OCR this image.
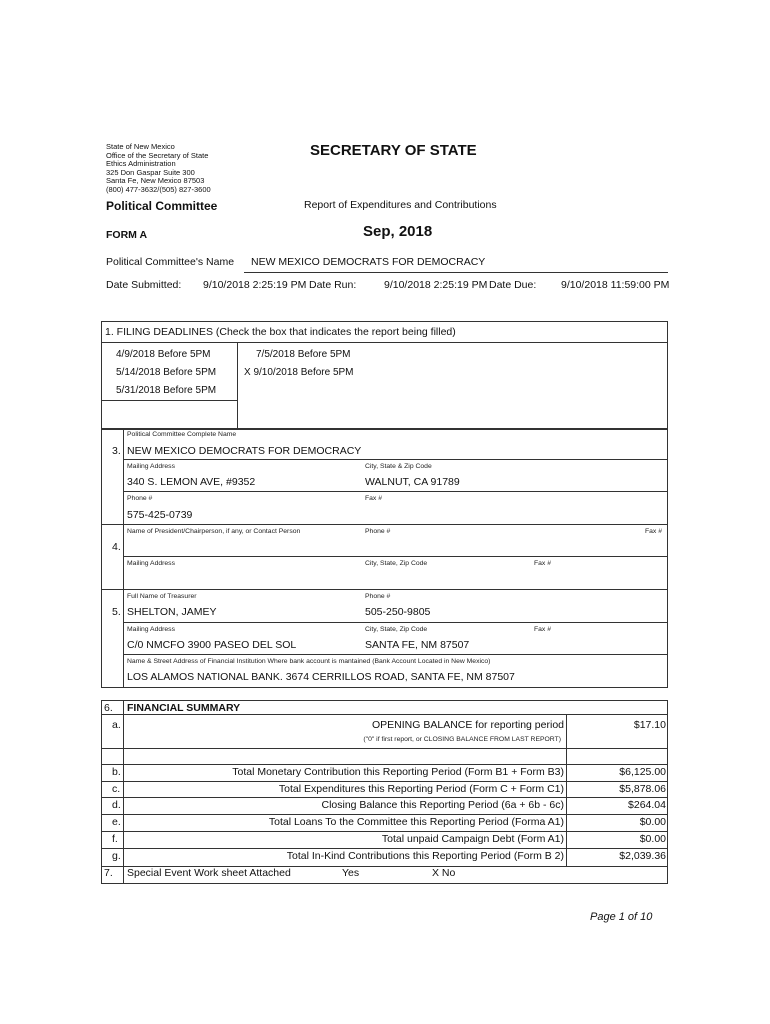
State of New Mexico
Office of the Secretary of State
Ethics Administration
325 Don Gaspar Suite 300
Santa Fe, New Mexico 87503
(800) 477-3632/(505) 827-3600
SECRETARY OF STATE
Political Committee	Report of Expenditures and Contributions
FORM A	Sep, 2018
Political Committee's Name NEW MEXICO DEMOCRATS FOR DEMOCRACY
Date Submitted: 9/10/2018 2:25:19 PM Date Run:	9/10/2018 2:25:19 PM Date Due: 9/10/2018 11:59:00 PM
1. FILING DEADLINES (Check the box that indicates the report being filled)
4/9/2018 Before 5PM
5/14/2018 Before 5PM
5/31/2018 Before 5PM
7/5/2018 Before 5PM
X 9/10/2018 Before 5PM
Political Committee Complete Name
3. NEW MEXICO DEMOCRATS FOR DEMOCRACY
Mailing Address	City, State & Zip Code
340 S. LEMON AVE, #9352	WALNUT, CA 91789
Phone #	Fax #
575-425-0739
Name of President/Chairperson, if any, or Contact Person	Phone #	Fax #
4.
Mailing Address	City, State, Zip Code	Fax #
Full Name of Treasurer	Phone #
5. SHELTON, JAMEY	505-250-9805
Mailing Address	City, State, Zip Code	Fax #
C/0 NMCFO 3900 PASEO DEL SOL	SANTA FE, NM 87507
Name & Street Address of Financial Institution Where bank account is mantained (Bank Account Located in New Mexico)
LOS ALAMOS NATIONAL BANK. 3674 CERRILLOS ROAD, SANTA FE, NM 87507
6. FINANCIAL SUMMARY
a.	OPENING BALANCE for reporting period	$17.10
("0" if first report, or CLOSING BALANCE FROM LAST REPORT)
b.	Total Monetary Contribution this Reporting Period (Form B1 + Form B3)	$6,125.00
c.	Total Expenditures this Reporting Period (Form C + Form C1)	$5,878.06
d.	Closing Balance this Reporting Period (6a + 6b - 6c)	$264.04
e.	Total Loans To the Committee this Reporting Period (Forma A1)	$0.00
f.	Total unpaid Campaign Debt (Form A1)	$0.00
g.	Total In-Kind Contributions this Reporting Period (Form B 2)	$2,039.36
7. Special Event Work sheet Attached	Yes	X No
Page 1 of 10
